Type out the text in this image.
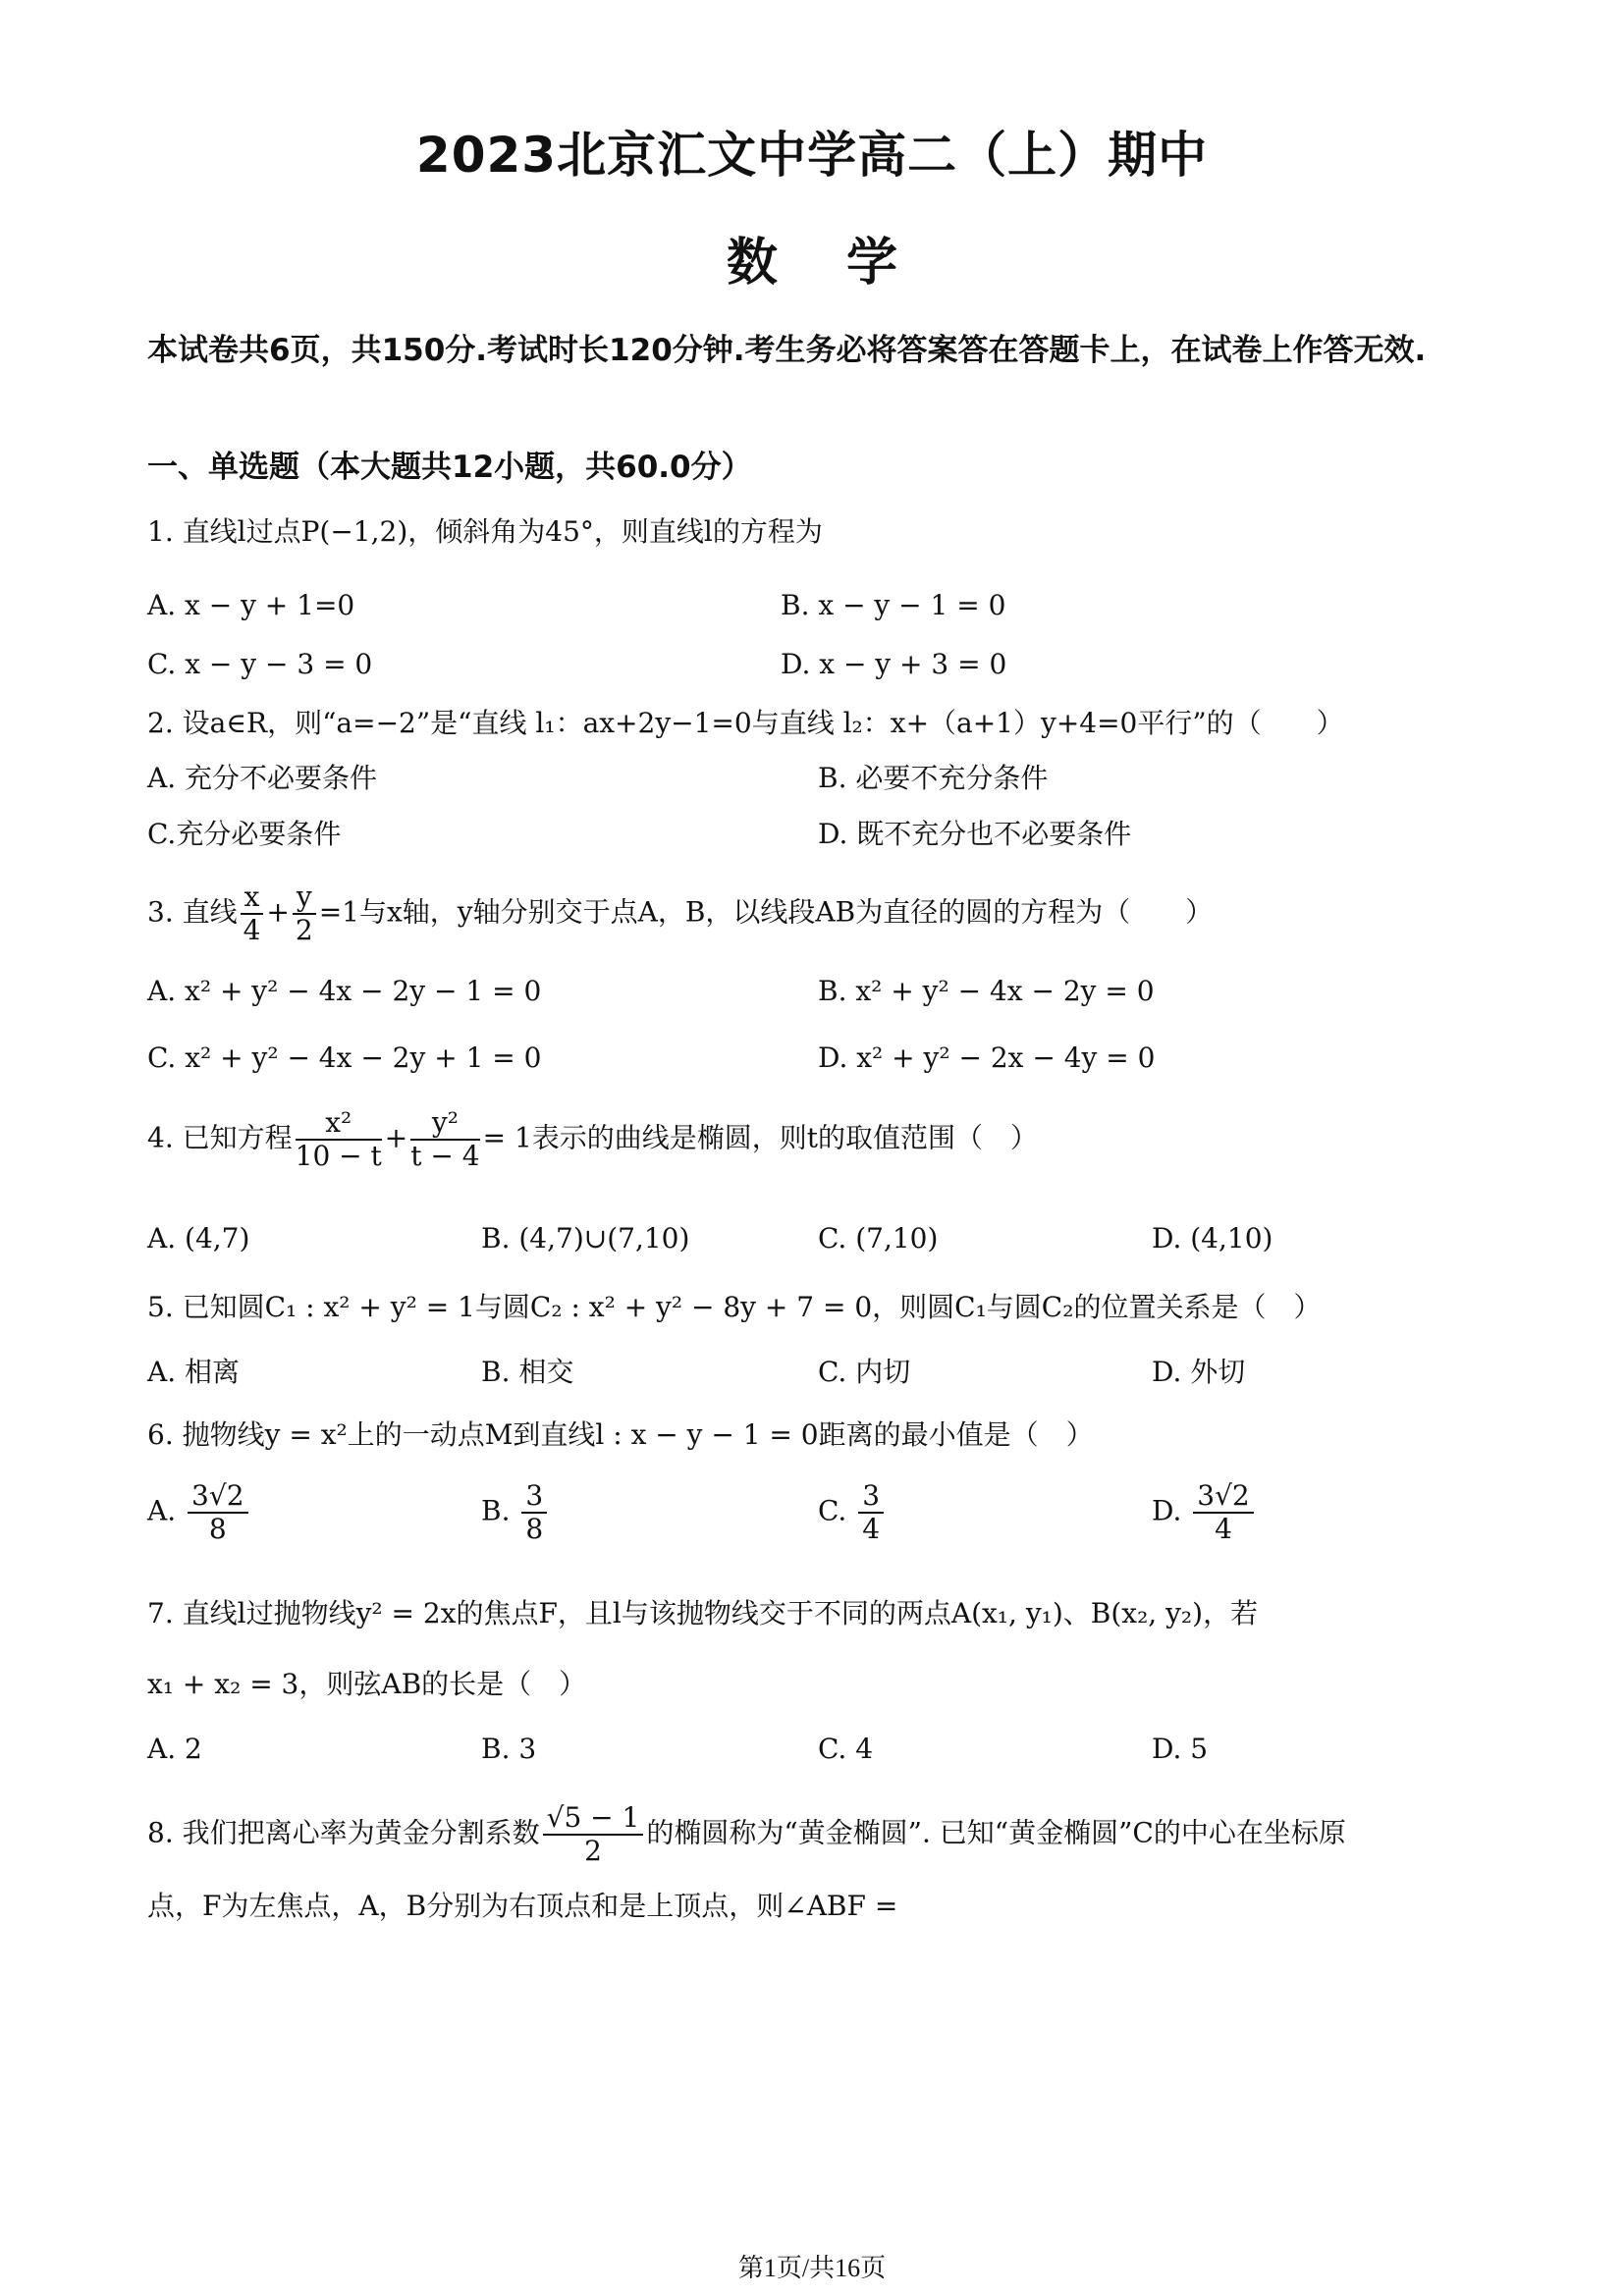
2023北京汇文中学高二（上）期中
数学
本试卷共6页，共150分.考试时长120分钟.考生务必将答案答在答题卡上，在试卷上作答无效.
一、单选题（本大题共12小题，共60.0分）
1. 直线l过点P(−1,2)，倾斜角为45°，则直线l的方程为
A. x − y + 1=0	B. x − y − 1 = 0
C. x − y − 3 = 0	D. x − y + 3 = 0
2. 设a∈R，则“a=−2”是“直线 l₁：ax+2y−1=0与直线 l₂：x+（a+1）y+4=0平行”的（　　）
A. 充分不必要条件	B. 必要不充分条件
C.充分必要条件	D. 既不充分也不必要条件
3. 直线 $\frac{x}{4} + \frac{y}{2} =1$与x轴，y轴分别交于点A，B，以线段AB为直径的圆的方程为（　　）
A. x² + y² − 4x − 2y − 1 = 0	B. x² + y² − 4x − 2y = 0
C. x² + y² − 4x − 2y + 1 = 0	D. x² + y² − 2x − 4y = 0
4. 已知方程 $\frac{\text{x²}}{10 - t} + \frac{\text{y²}}{t - 4} = 1$表示的曲线是椭圆，则t的取值范围（　）
A. (4,7)	B. (4,7)∪(7,10)	C. (7,10)	D. (4,10)
5. 已知圆C₁ : x² + y² = 1与圆C₂ : x² + y² − 8y + 7 = 0，则圆C₁与圆C₂的位置关系是（　）
A. 相离	B. 相交	C. 内切	D. 外切
6. 抛物线y = x²上的一动点M到直线l : x − y − 1 = 0距离的最小值是（　）
A. $\frac{3√2}{8}$	B. $\frac{3}{8}$	C. $\frac{3}{4}$	D. $\frac{3√2}{4}$
7. 直线l过抛物线y² = 2x的焦点F，且l与该抛物线交于不同的两点A(x₁, y₁)、B(x₂, y₂)，若
x₁ + x₂ = 3，则弦AB的长是（　）
A. 2	B. 3	C. 4	D. 5
8. 我们把离心率为黄金分割系数 $\frac{√5 - 1}{2}$ 的椭圆称为“黄金椭圆”. 已知“黄金椭圆”C的中心在坐标原
点，F为左焦点，A，B分别为右顶点和是上顶点，则∠ABF =
第1页/共16页
